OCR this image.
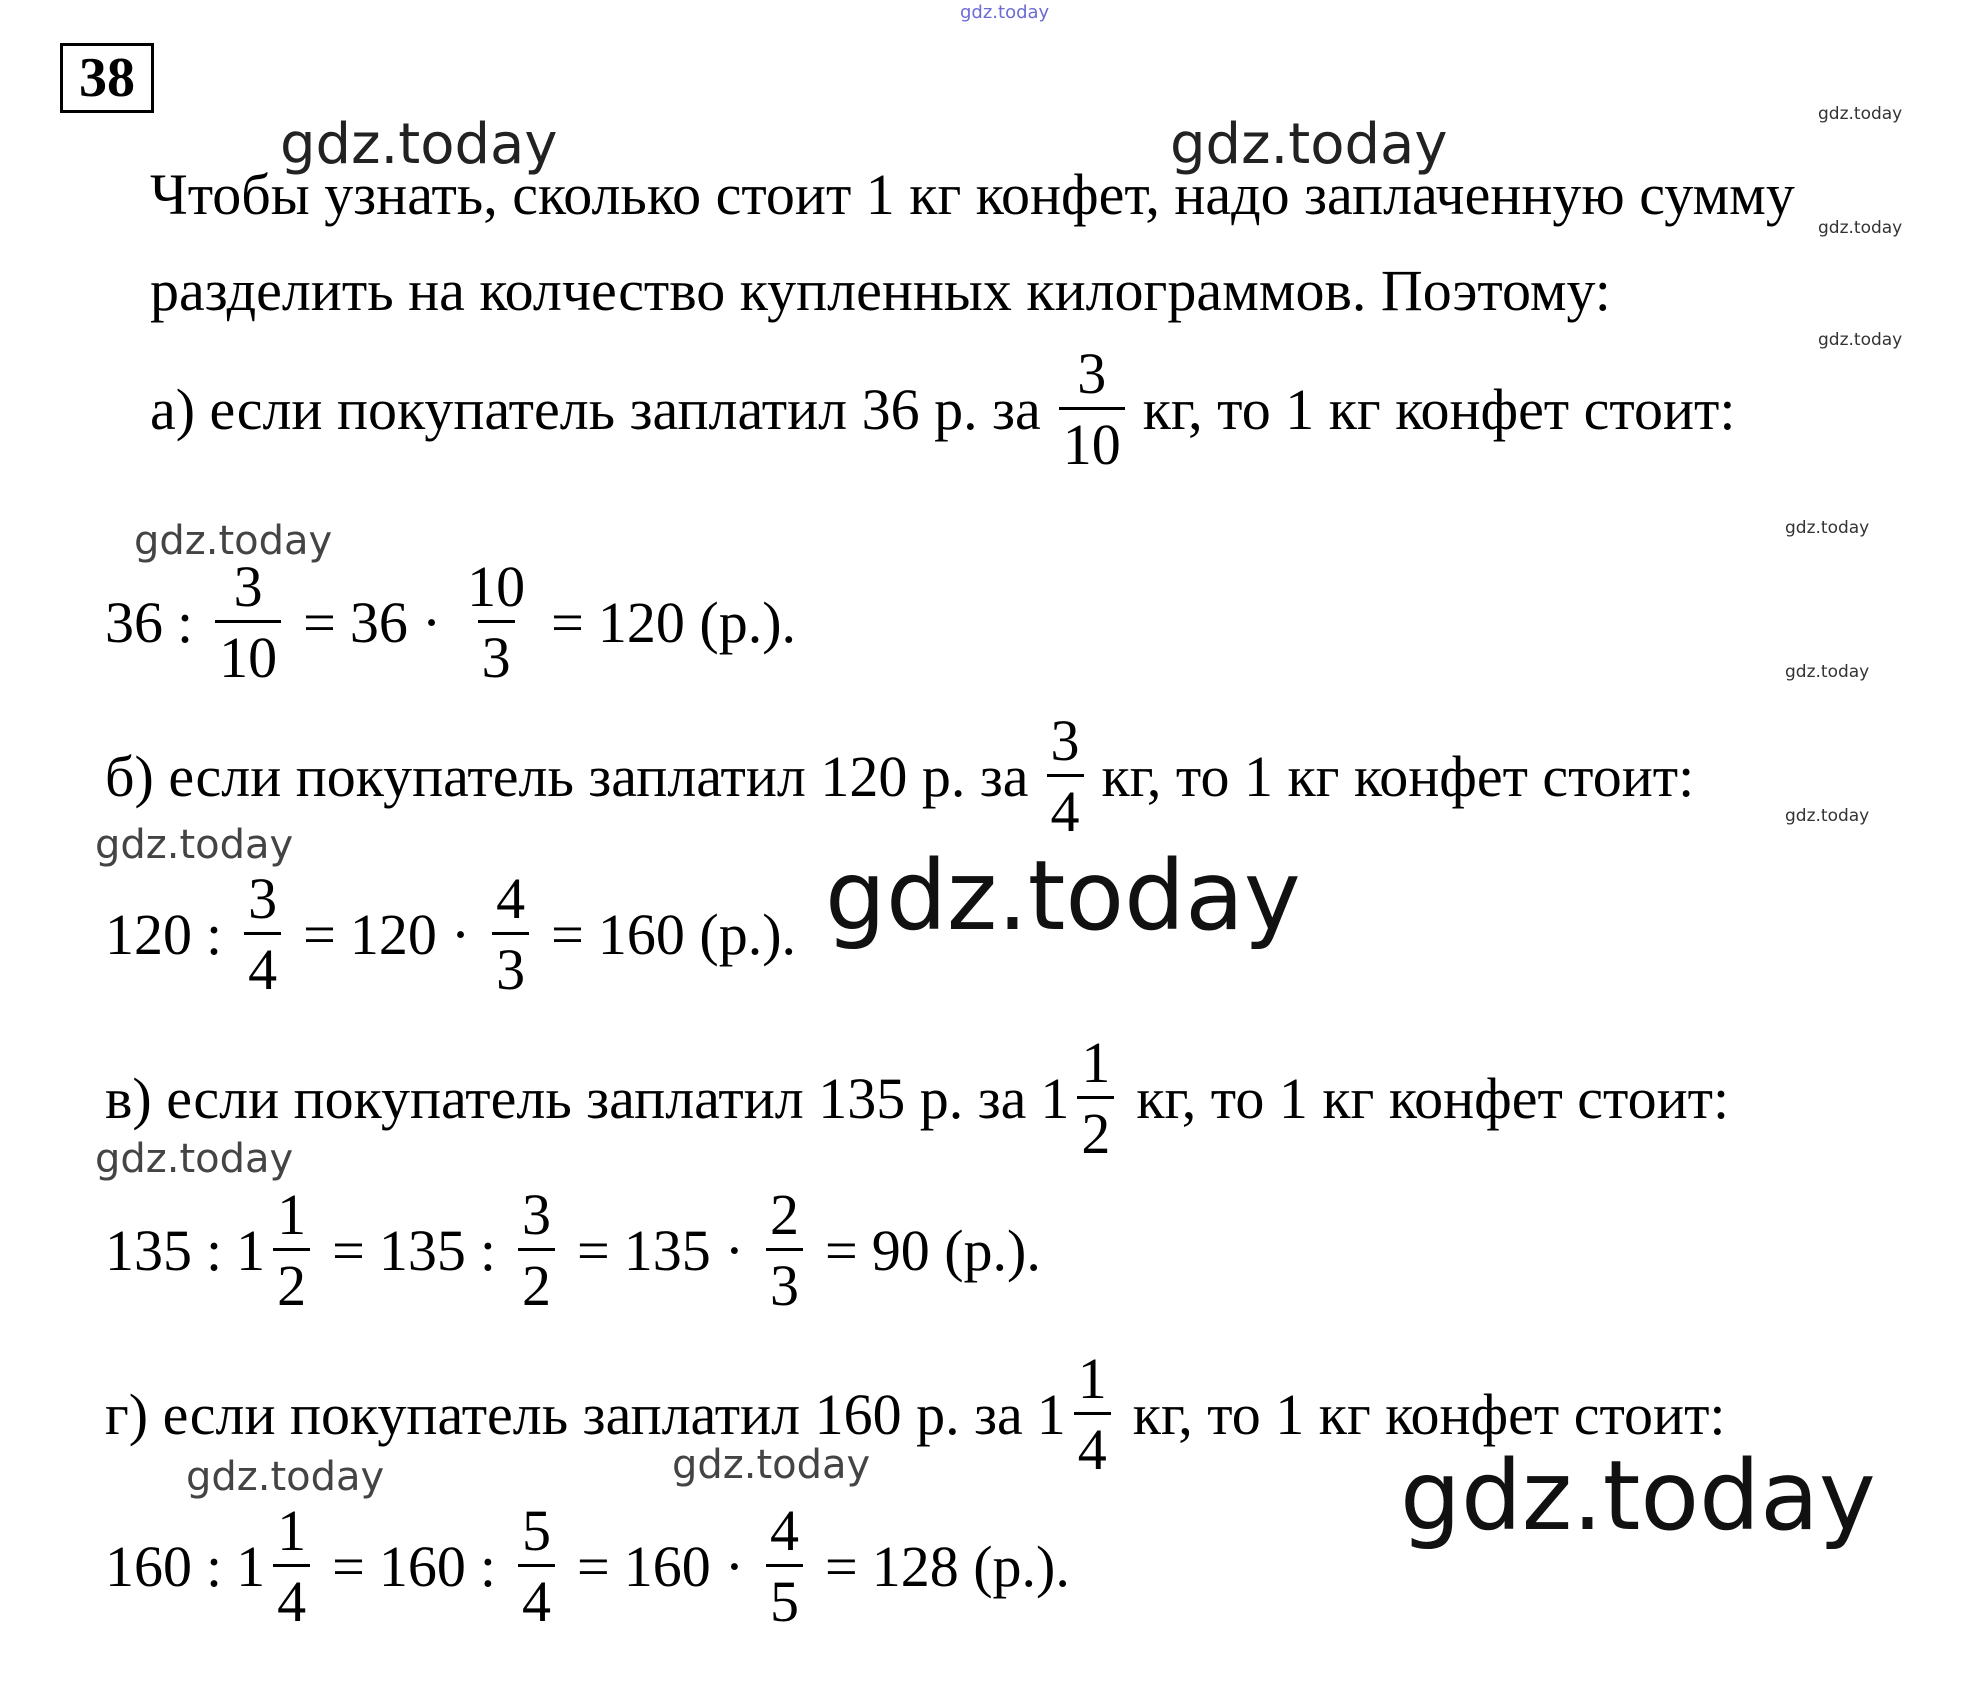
gdz.today
gdz.today
gdz.today
gdz.today
gdz.today
gdz.today
gdz.today
gdz.today	gdz.today
gdz.today
gdz.today	gdz.today
gdz.today
gdz.today	gdz.today	gdz.today
38
Чтобы узнать, сколько стоит 1 кг конфет, надо заплаченную сумму
разделить на колчество купленных килограммов. Поэтому:
а) если покупатель заплатил 36 р. за $\frac{3}{10}$ кг, то 1 кг конфет стоит:
36 : $\frac{3}{10} = 36 \cdot \frac{10}{3} = 120$ (р.).
б) если покупатель заплатил 120 р. за $\frac{3}{4}$ кг, то 1 кг конфет стоит:
120 : $\frac{3}{4} = 120 \cdot \frac{4}{3} = 160$ (р.).
в) если покупатель заплатил 135 р. за $1 \frac{1}{2}$ кг, то 1 кг конфет стоит:
135 : $1 \frac{1}{2} = 135$ : $\frac{3}{2} = 135 \cdot \frac{2}{3} = 90$ (р.).
г) если покупатель заплатил 160 р. за $1 \frac{1}{4}$ кг, то 1 кг конфет стоит:
160 : $1 \frac{1}{4} = 160$ : $\frac{5}{4} = 160 \cdot \frac{4}{5} = 128$ (р.).
